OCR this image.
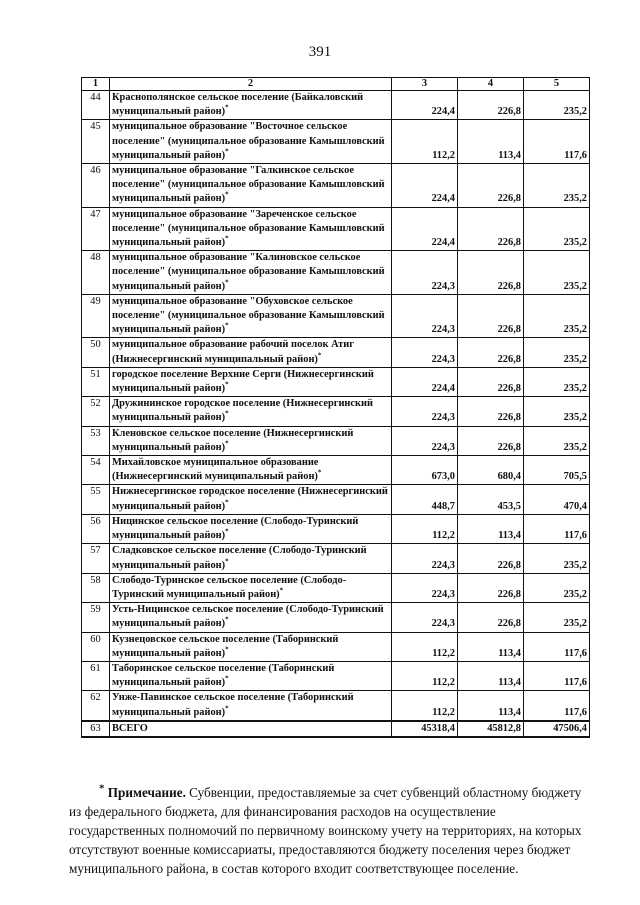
391
1	2	3	4	5
44	Краснополянское сельское поселение (Байкаловский
муниципальный район)*	224,4	226,8	235,2
45	муниципальное образование "Восточное сельское
поселение" (муниципальное образование Камышловский
муниципальный район)*	112,2	113,4	117,6
46	муниципальное образование "Галкинское сельское
поселение" (муниципальное образование Камышловский
муниципальный район)*	224,4	226,8	235,2
47	муниципальное образование "Зареченское сельское
поселение" (муниципальное образование Камышловский
муниципальный район)*	224,4	226,8	235,2
48	муниципальное образование "Калиновское сельское
поселение" (муниципальное образование Камышловский
муниципальный район)*	224,3	226,8	235,2
49	муниципальное образование "Обуховское сельское
поселение" (муниципальное образование Камышловский
муниципальный район)*	224,3	226,8	235,2
50	муниципальное образование рабочий поселок Атиг
(Нижнесергинский муниципальный район)*	224,3	226,8	235,2
51	городское поселение Верхние Серги (Нижнесергинский
муниципальный район)*	224,4	226,8	235,2
52	Дружининское городское поселение (Нижнесергинский
муниципальный район)*	224,3	226,8	235,2
53	Кленовское сельское поселение (Нижнесергинский
муниципальный район)*	224,3	226,8	235,2
54	Михайловское муниципальное образование
(Нижнесергинский муниципальный район)*	673,0	680,4	705,5
55	Нижнесергинское городское поселение (Нижнесергинский
муниципальный район)*	448,7	453,5	470,4
56	Ницинское сельское поселение (Слободо-Туринский
муниципальный район)*	112,2	113,4	117,6
57	Сладковское сельское поселение (Слободо-Туринский
муниципальный район)*	224,3	226,8	235,2
58	Слободо-Туринское сельское поселение (Слободо-
Туринский муниципальный район)*	224,3	226,8	235,2
59	Усть-Ницинское сельское поселение (Слободо-Туринский
муниципальный район)*	224,3	226,8	235,2
60	Кузнецовское сельское поселение (Таборинский
муниципальный район)*	112,2	113,4	117,6
61	Таборинское сельское поселение (Таборинский
муниципальный район)*	112,2	113,4	117,6
62	Унже-Павинское сельское поселение (Таборинский
муниципальный район)*	112,2	113,4	117,6
63	ВСЕГО	45318,4	45812,8	47506,4
* Примечание. Субвенции, предоставляемые за счет субвенций областному бюджету из федерального бюджета, для финансирования расходов на осуществление государственных полномочий по первичному воинскому учету на территориях, на которых отсутствуют военные комиссариаты, предоставляются бюджету поселения через бюджет муниципального района, в состав которого входит соответствующее поселение.
